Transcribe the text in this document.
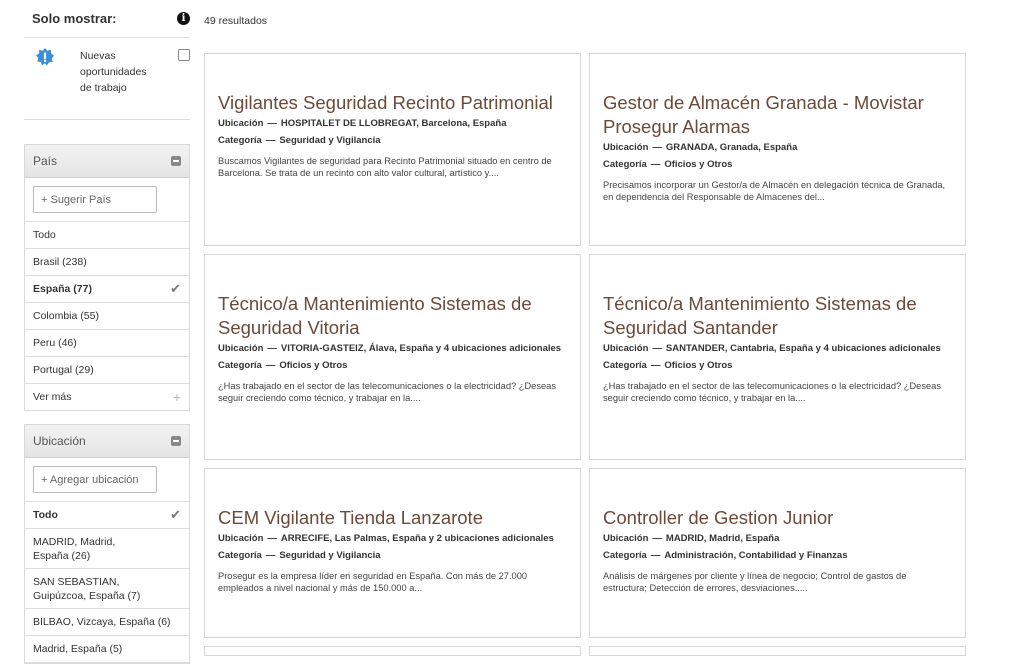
Solo mostrar:	i
Nuevas oportunidades de trabajo
País
+ Sugerir País
Todo
Brasil (238)
España (77)	✔
Colombia (55)
Peru (46)
Portugal (29)
Ver más	+
Ubicación
+ Agregar ubicación
Todo	✔
MADRID, Madrid, España (26)
SAN SEBASTIAN, Guipúzcoa, España (7)
BILBAO, Vizcaya, España (6)
Madrid, España (5)
49 resultados
Vigilantes Seguridad Recinto Patrimonial
Ubicación — HOSPITALET DE LLOBREGAT, Barcelona, España
Categoría — Seguridad y Vigilancia
Buscamos Vigilantes de seguridad para Recinto Patrimonial situado en centro de Barcelona. Se trata de un recinto con alto valor cultural, artístico y....
Gestor de Almacén Granada - Movistar Prosegur Alarmas
Ubicación — GRANADA, Granada, España
Categoría — Oficios y Otros
Precisamos incorporar un Gestor/a de Almacén en delegación técnica de Granada, en dependencia del Responsable de Almacenes del...
Técnico/a Mantenimiento Sistemas de Seguridad Vitoria
Ubicación — VITORIA-GASTEIZ, Álava, España y 4 ubicaciones adicionales
Categoría — Oficios y Otros
¿Has trabajado en el sector de las telecomunicaciones o la electricidad? ¿Deseas seguir creciendo como técnico, y trabajar en la....
Técnico/a Mantenimiento Sistemas de Seguridad Santander
Ubicación — SANTANDER, Cantabria, España y 4 ubicaciones adicionales
Categoría — Oficios y Otros
¿Has trabajado en el sector de las telecomunicaciones o la electricidad? ¿Deseas seguir creciendo como técnico, y trabajar en la....
CEM Vigilante Tienda Lanzarote
Ubicación — ARRECIFE, Las Palmas, España y 2 ubicaciones adicionales
Categoría — Seguridad y Vigilancia
Prosegur es la empresa líder en seguridad en España. Con más de 27.000 empleados a nivel nacional y más de 150.000 a...
Controller de Gestion Junior
Ubicación — MADRID, Madrid, España
Categoría — Administración, Contabilidad y Finanzas
Análisis de márgenes por cliente y línea de negocio; Control de gastos de estructura; Detección de errores, desviaciones.....
